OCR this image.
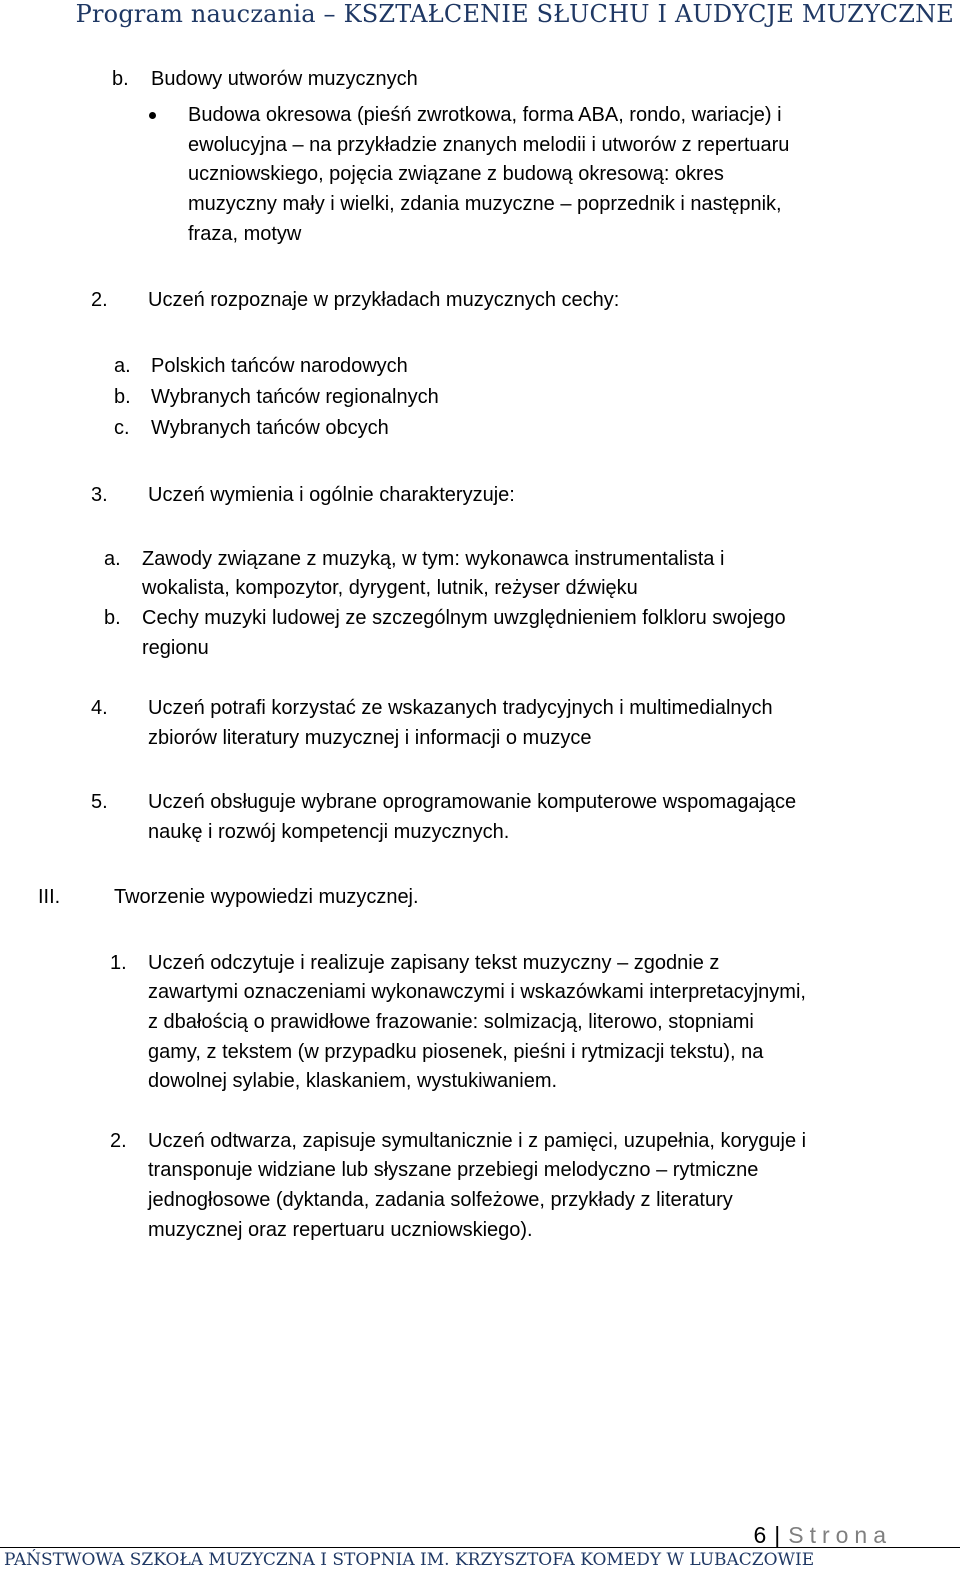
Program nauczania – KSZTAŁCENIE SŁUCHU I AUDYCJE MUZYCZNE
b. Budowy utworów muzycznych
Budowa okresowa (pieśń zwrotkowa, forma ABA, rondo, wariacje) i
ewolucyjna – na przykładzie znanych melodii i utworów z repertuaru
uczniowskiego, pojęcia związane z budową okresową: okres
muzyczny mały i wielki, zdania muzyczne – poprzednik i następnik,
fraza, motyw
2. Uczeń rozpoznaje w przykładach muzycznych cechy:
a. Polskich tańców narodowych
b. Wybranych tańców regionalnych
c. Wybranych tańców obcych
3. Uczeń wymienia i ogólnie charakteryzuje:
a. Zawody związane z muzyką, w tym: wykonawca instrumentalista i
wokalista, kompozytor, dyrygent, lutnik, reżyser dźwięku
b. Cechy muzyki ludowej ze szczególnym uwzględnieniem folkloru swojego
regionu
4. Uczeń potrafi korzystać ze wskazanych tradycyjnych i multimedialnych
zbiorów literatury muzycznej i informacji o muzyce
5. Uczeń obsługuje wybrane oprogramowanie komputerowe wspomagające
naukę i rozwój kompetencji muzycznych.
III.	Tworzenie wypowiedzi muzycznej.
1. Uczeń odczytuje i realizuje zapisany tekst muzyczny – zgodnie z
zawartymi oznaczeniami wykonawczymi i wskazówkami interpretacyjnymi,
z dbałością o prawidłowe frazowanie: solmizacją, literowo, stopniami
gamy, z tekstem (w przypadku piosenek, pieśni i rytmizacji tekstu), na
dowolnej sylabie, klaskaniem, wystukiwaniem.
2. Uczeń odtwarza, zapisuje symultanicznie i z pamięci, uzupełnia, koryguje i
transponuje widziane lub słyszane przebiegi melodyczno – rytmiczne
jednogłosowe (dyktanda, zadania solfeżowe, przykłady z literatury
muzycznej oraz repertuaru uczniowskiego).
6 | Strona
PAŃSTWOWA SZKOŁA MUZYCZNA I STOPNIA IM. KRZYSZTOFA KOMEDY W LUBACZOWIE
